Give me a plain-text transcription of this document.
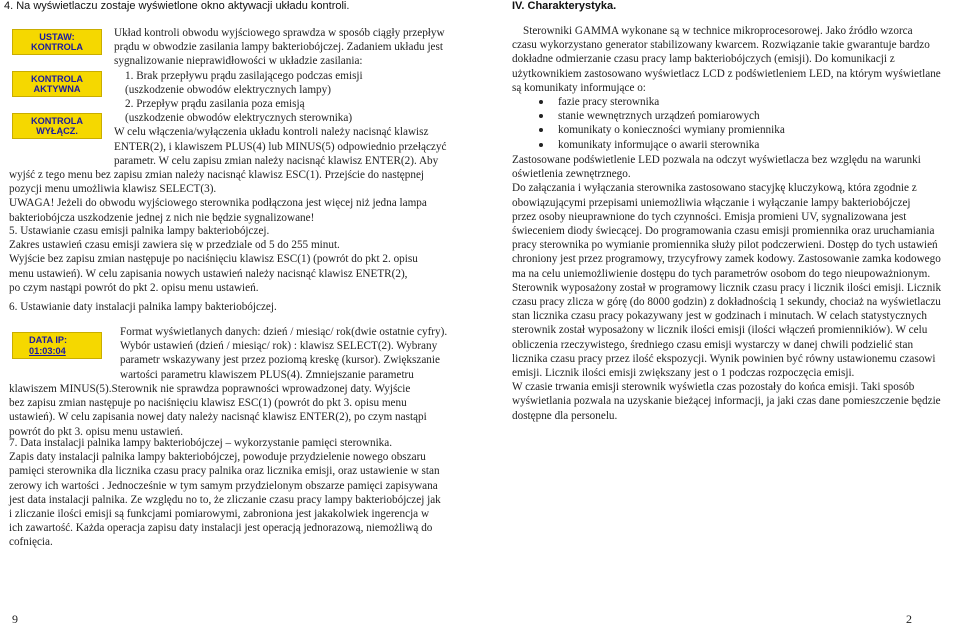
4. Na wyświetlaczu zostaje wyświetlone okno aktywacji układu kontroli.
USTAW:
KONTROLA
KONTROLA
AKTYWNA
KONTROLA
WYŁĄCZ.

Układ kontroli obwodu wyjściowego sprawdza w sposób ciągły przepływ

prądu w obwodzie zasilania lampy bakteriobójczej. Zadaniem układu jest

sygnalizowanie nieprawidłowości w układzie zasilania:

1. Brak przepływu prądu zasilającego podczas emisji

(uszkodzenie obwodów elektrycznych lampy)

2. Przepływ prądu zasilania poza emisją

(uszkodzenie obwodów elektrycznych sterownika)

W celu włączenia/wyłączenia układu kontroli należy nacisnąć klawisz

ENTER(2), i klawiszem PLUS(4) lub MINUS(5) odpowiednio przełączyć

parametr. W celu zapisu zmian należy nacisnąć klawisz ENTER(2). Aby

wyjść z tego menu bez zapisu zmian należy nacisnąć klawisz ESC(1). Przejście do następnej

pozycji menu umożliwia klawisz SELECT(3).

UWAGA! Jeżeli do obwodu wyjściowego sterownika podłączona jest więcej niż jedna lampa

bakteriobójcza uszkodzenie jednej z nich nie będzie sygnalizowane!

5. Ustawianie czasu emisji palnika lampy bakteriobójczej.

Zakres ustawień czasu emisji zawiera się w przedziale od 5 do 255 minut.

Wyjście bez zapisu zmian następuje po naciśnięciu klawisz ESC(1) (powrót do pkt 2. opisu

menu ustawień). W celu zapisania nowych ustawień należy nacisnąć klawisz ENETR(2),

po czym nastąpi powrót do pkt 2. opisu menu ustawień.

6. Ustawianie daty instalacji palnika lampy bakteriobójczej.
DATA IP:
01:03:04

Format wyświetlanych danych: dzień / miesiąc/ rok(dwie ostatnie cyfry).

Wybór ustawień (dzień / miesiąc/ rok) : klawisz SELECT(2). Wybrany

parametr wskazywany jest przez poziomą kreskę (kursor). Zwiększanie

wartości parametru klawiszem PLUS(4). Zmniejszanie parametru

klawiszem MINUS(5).Sterownik nie sprawdza poprawności wprowadzonej daty. Wyjście

bez zapisu zmian następuje po naciśnięciu klawisz ESC(1) (powrót do pkt 3. opisu menu

ustawień). W celu zapisania nowej daty należy nacisnąć klawisz ENTER(2), po czym nastąpi

powrót do pkt 3. opisu menu ustawień.

7. Data instalacji palnika lampy bakteriobójczej – wykorzystanie pamięci sterownika.

Zapis daty instalacji palnika lampy bakteriobójczej, powoduje przydzielenie nowego obszaru

pamięci sterownika dla licznika czasu pracy palnika oraz licznika emisji, oraz ustawienie w stan

zerowy ich wartości . Jednocześnie w tym samym przydzielonym obszarze pamięci zapisywana

jest data instalacji palnika. Ze względu no to, że zliczanie czasu pracy lampy bakteriobójczej jak

i zliczanie ilości emisji są funkcjami pomiarowymi, zabroniona jest jakakolwiek ingerencja w

ich zawartość. Każda operacja zapisu daty instalacji jest operacją jednorazową, niemożliwą do

cofnięcia.

9
IV. Charakterystyka.

Sterowniki GAMMA wykonane są w technice mikroprocesorowej. Jako źródło wzorca

czasu wykorzystano generator stabilizowany kwarcem. Rozwiązanie takie gwarantuje bardzo

dokładne odmierzanie czasu pracy lamp bakteriobójczych (emisji). Do komunikacji z

użytkownikiem zastosowano wyświetlacz LCD z podświetleniem LED, na którym wyświetlane

są komunikaty informujące o:

fazie pracy sterownika
stanie wewnętrznych urządzeń pomiarowych
komunikaty o konieczności wymiany promiennika
komunikaty informujące o awarii sterownika

Zastosowane podświetlenie LED pozwala na odczyt wyświetlacza bez względu na warunki

oświetlenia zewnętrznego.

Do załączania i wyłączania sterownika zastosowano stacyjkę kluczykową, która zgodnie z

obowiązującymi przepisami uniemożliwia włączanie i wyłączanie lampy bakteriobójczej

przez osoby nieuprawnione do tych czynności. Emisja promieni UV, sygnalizowana jest

świeceniem diody świecącej. Do programowania czasu emisji promiennika oraz uruchamiania

pracy sterownika po wymianie promiennika służy pilot podczerwieni. Dostęp do tych ustawień

chroniony jest przez programowy, trzycyfrowy zamek kodowy. Zastosowanie zamka kodowego

ma na celu uniemożliwienie dostępu do tych parametrów osobom do tego nieupoważnionym.

Sterownik wyposażony został w programowy licznik czasu pracy i licznik ilości emisji. Licznik

czasu pracy zlicza w górę (do 8000 godzin) z dokładnością 1 sekundy, chociaż na wyświetlaczu

stan licznika czasu pracy pokazywany jest w godzinach i minutach. W celach statystycznych

sterownik został wyposażony w licznik ilości emisji (ilości włączeń promiennikiów). W celu

obliczenia rzeczywistego, średniego czasu emisji wystarczy w danej chwili podzielić stan

licznika czasu pracy przez ilość ekspozycji. Wynik powinien być równy ustawionemu czasowi

emisji. Licznik ilości emisji zwiększany jest o 1 podczas rozpoczęcia emisji.

W czasie trwania emisji sterownik wyświetla czas pozostały do końca emisji. Taki sposób

wyświetlania pozwala na uzyskanie bieżącej informacji, ja jaki czas dane pomieszczenie będzie

dostępne dla personelu.

2
